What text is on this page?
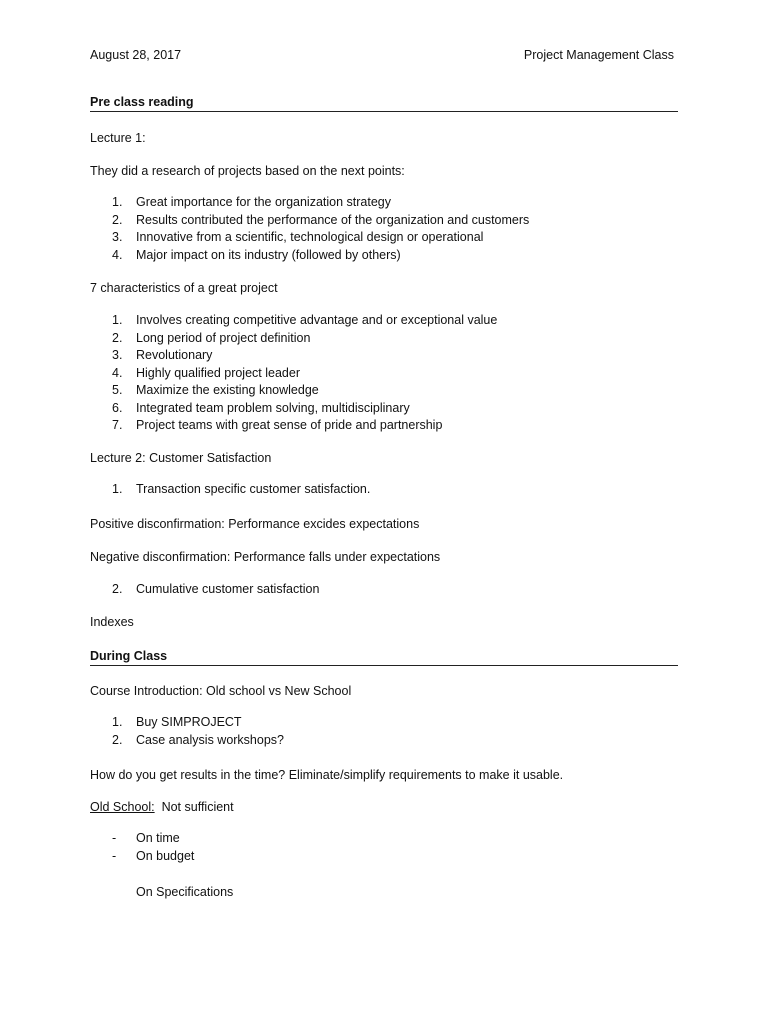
August 28, 2017	Project Management Class
Pre class reading
Lecture 1:
They did a research of projects based on the next points:
1.	Great importance for the organization strategy
2.	Results contributed the performance of the organization and customers
3.	Innovative from a scientific, technological design or operational
4.	Major impact on its industry (followed by others)
7 characteristics of a great project
1.	Involves creating competitive advantage and or exceptional value
2.	Long period of project definition
3.	Revolutionary
4.	Highly qualified project leader
5.	Maximize the existing knowledge
6.	Integrated team problem solving, multidisciplinary
7.	Project teams with great sense of pride and partnership
Lecture 2: Customer Satisfaction
1.	Transaction specific customer satisfaction.
Positive disconfirmation: Performance excides expectations
Negative disconfirmation: Performance falls under expectations
2.	Cumulative customer satisfaction
Indexes
During Class
Course Introduction: Old school vs New School
1.	Buy SIMPROJECT
2.	Case analysis workshops?
How do you get results in the time? Eliminate/simplify requirements to make it usable.
Old School:  Not sufficient
-	On time
-	On budget
On Specifications
